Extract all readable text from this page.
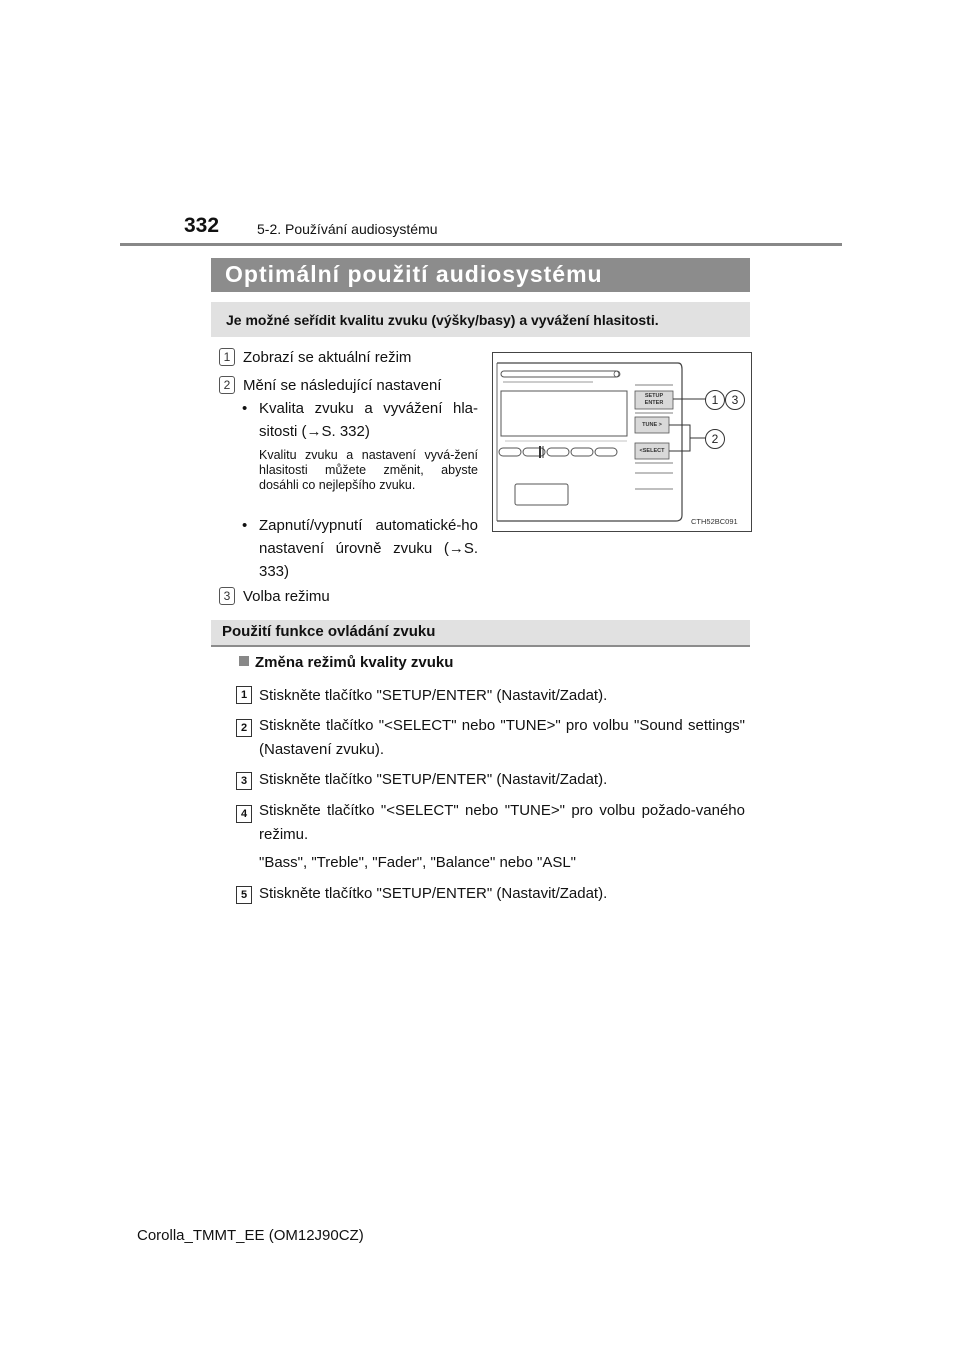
332	5-2. Používání audiosystému
Optimální použití audiosystému
Je možné seřídit kvalitu zvuku (výšky/basy) a vyvážení hlasitosti.
1 Zobrazí se aktuální režim
2 Mění se následující nastavení
• Kvalita zvuku a vyvážení hla-sitosti (→S. 332)
Kvalitu zvuku a nastavení vyvá-žení hlasitosti můžete změnit, abyste dosáhli co nejlepšího zvuku.
• Zapnutí/vypnutí automatické-ho nastavení úrovně zvuku (→S. 333)
3 Volba režimu
SETUP
ENTER
TUNE >
<SELECT
1	3
2
CTH52BC091
Použití funkce ovládání zvuku
Změna režimů kvality zvuku
1 Stiskněte tlačítko "SETUP/ENTER" (Nastavit/Zadat).
2 Stiskněte tlačítko "<SELECT" nebo "TUNE>" pro volbu "Sound settings" (Nastavení zvuku).
3 Stiskněte tlačítko "SETUP/ENTER" (Nastavit/Zadat).
4 Stiskněte tlačítko "<SELECT" nebo "TUNE>" pro volbu požado-vaného režimu.
"Bass", "Treble", "Fader", "Balance" nebo "ASL"
5 Stiskněte tlačítko "SETUP/ENTER" (Nastavit/Zadat).
Corolla_TMMT_EE (OM12J90CZ)
